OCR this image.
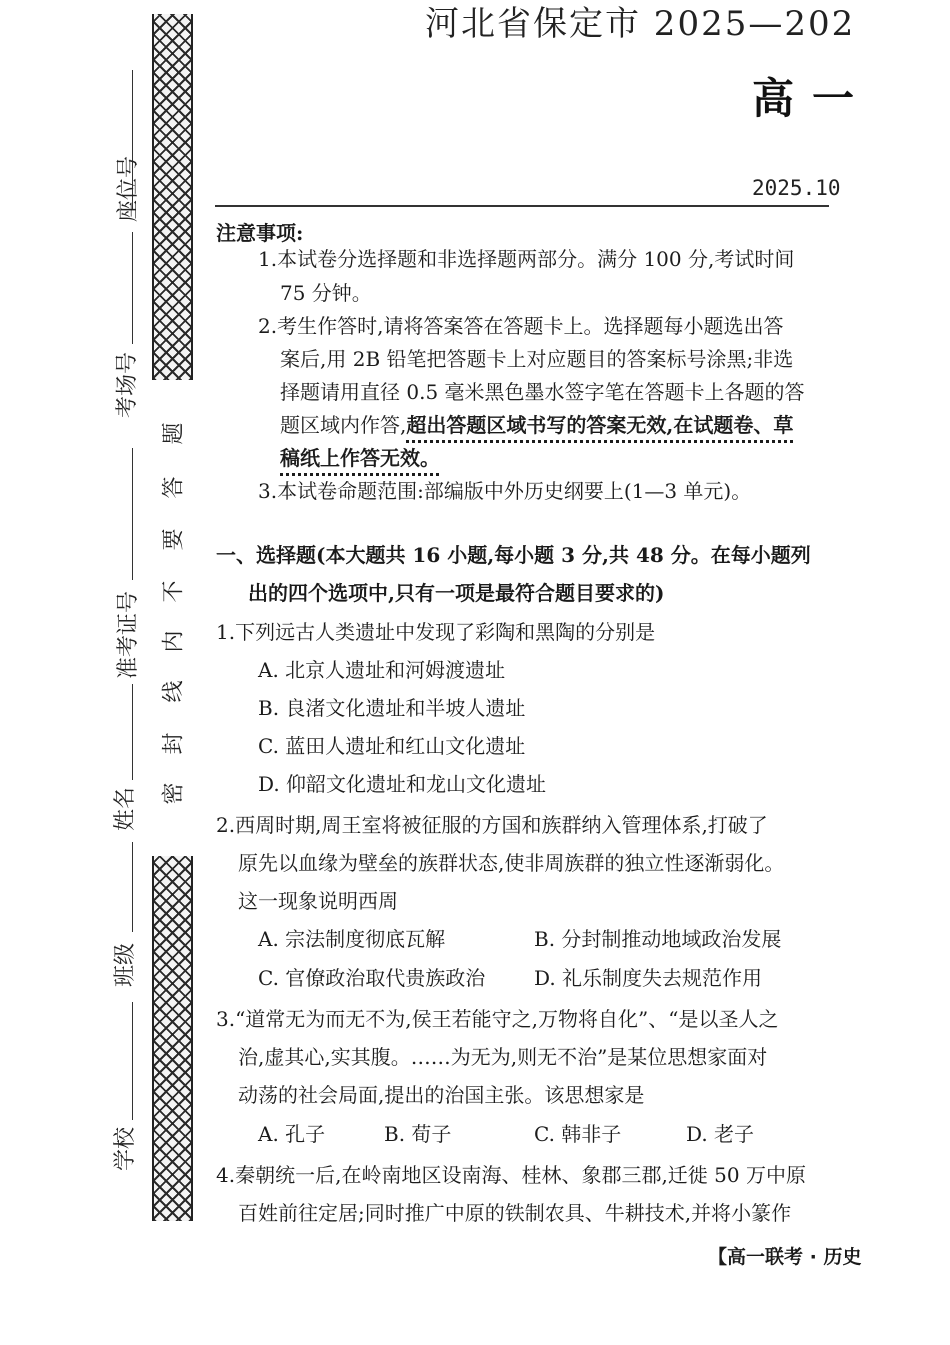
河北省保定市 2025—202
高一
2025.10
座位号
考场号
准考证号
姓名
班级
学校
题
答
要
不
内
线
封
密
注意事项:
1.本试卷分选择题和非选择题两部分。满分 100 分,考试时间
75 分钟。
2.考生作答时,请将答案答在答题卡上。选择题每小题选出答
案后,用 2B 铅笔把答题卡上对应题目的答案标号涂黑;非选
择题请用直径 0.5 毫米黑色墨水签字笔在答题卡上各题的答
题区域内作答,超出答题区域书写的答案无效,在试题卷、草
稿纸上作答无效。
3.本试卷命题范围:部编版中外历史纲要上(1—3 单元)。
一、选择题(本大题共 16 小题,每小题 3 分,共 48 分。在每小题列
出的四个选项中,只有一项是最符合题目要求的)
1.下列远古人类遗址中发现了彩陶和黑陶的分别是
A. 北京人遗址和河姆渡遗址
B. 良渚文化遗址和半坡人遗址
C. 蓝田人遗址和红山文化遗址
D. 仰韶文化遗址和龙山文化遗址
2.西周时期,周王室将被征服的方国和族群纳入管理体系,打破了
原先以血缘为壁垒的族群状态,使非周族群的独立性逐渐弱化。
这一现象说明西周
A. 宗法制度彻底瓦解	B. 分封制推动地域政治发展
C. 官僚政治取代贵族政治 D. 礼乐制度失去规范作用
3.“道常无为而无不为,侯王若能守之,万物将自化”、“是以圣人之
治,虚其心,实其腹。……为无为,则无不治”是某位思想家面对
动荡的社会局面,提出的治国主张。该思想家是
A. 孔子	B. 荀子	C. 韩非子	D. 老子
4.秦朝统一后,在岭南地区设南海、桂林、象郡三郡,迁徙 50 万中原
百姓前往定居;同时推广中原的铁制农具、牛耕技术,并将小篆作
【高一联考 · 历史
